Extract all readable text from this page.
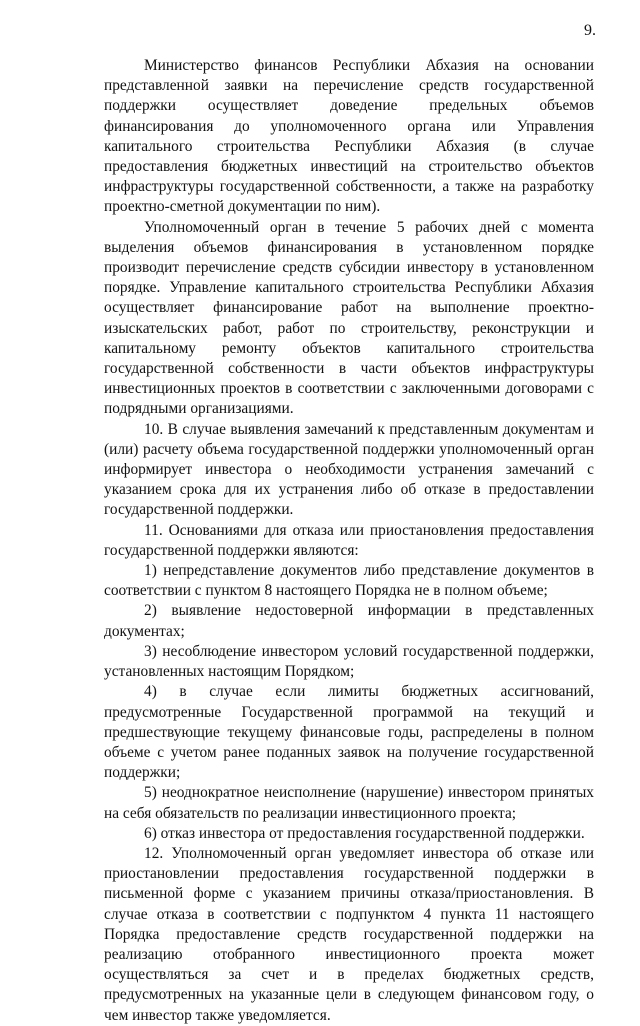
9.

Министерство финансов Республики Абхазия на основании представленной заявки на перечисление средств государственной поддержки осуществляет доведение предельных объемов финансирования до уполномоченного органа или Управления капитального строительства Республики Абхазия (в случае предоставления бюджетных инвестиций на строительство объектов инфраструктуры государственной собственности, а также на разработку проектно-сметной документации по ним).

Уполномоченный орган в течение 5 рабочих дней с момента выделения объемов финансирования в установленном порядке производит перечисление средств субсидии инвестору в установленном порядке. Управление капитального строительства Республики Абхазия осуществляет финансирование работ на выполнение проектно-изыскательских работ, работ по строительству, реконструкции и капитальному ремонту объектов капитального строительства государственной собственности в части объектов инфраструктуры инвестиционных проектов в соответствии с заключенными договорами с подрядными организациями.

10. В случае выявления замечаний к представленным документам и (или) расчету объема государственной поддержки уполномоченный орган информирует инвестора о необходимости устранения замечаний с указанием срока для их устранения либо об отказе в предоставлении государственной поддержки.

11. Основаниями для отказа или приостановления предоставления государственной поддержки являются:

1) непредставление документов либо представление документов в соответствии с пунктом 8 настоящего Порядка не в полном объеме;

2) выявление недостоверной информации в представленных документах;

3) несоблюдение инвестором условий государственной поддержки, установленных настоящим Порядком;

4) в случае если лимиты бюджетных ассигнований, предусмотренные Государственной программой на текущий и предшествующие текущему финансовые годы, распределены в полном объеме с учетом ранее поданных заявок на получение государственной поддержки;

5) неоднократное неисполнение (нарушение) инвестором принятых на себя обязательств по реализации инвестиционного проекта;

6) отказ инвестора от предоставления государственной поддержки.

12. Уполномоченный орган уведомляет инвестора об отказе или приостановлении предоставления государственной поддержки в письменной форме с указанием причины отказа/приостановления. В случае отказа в соответствии с подпунктом 4 пункта 11 настоящего Порядка предоставление средств государственной поддержки на реализацию отобранного инвестиционного проекта может осуществляться за счет и в пределах бюджетных средств, предусмотренных на указанные цели в следующем финансовом году, о чем инвестор также уведомляется.
